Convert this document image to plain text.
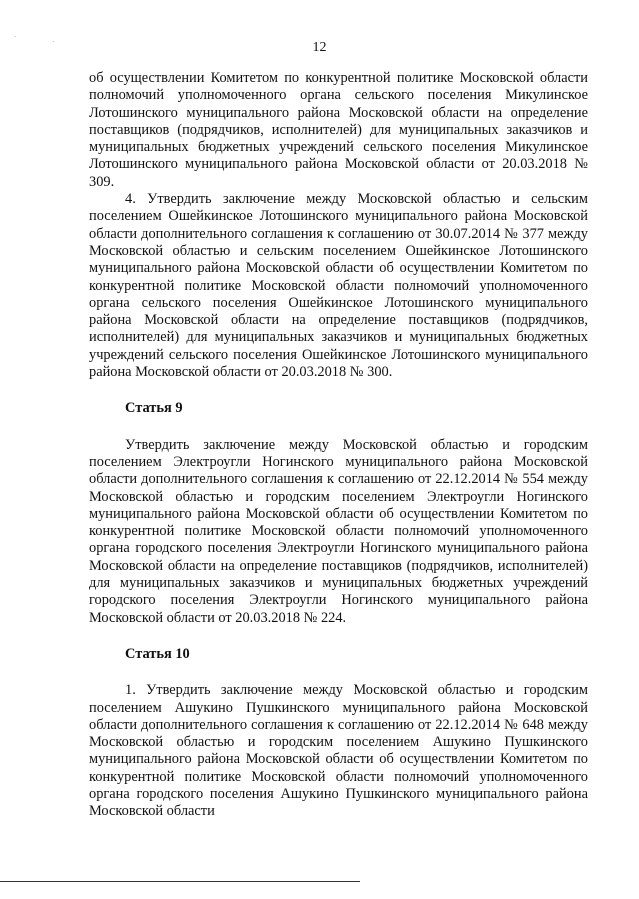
·
·	12

об осуществлении Комитетом по конкурентной политике Московской области полномочий уполномоченного органа сельского поселения Микулинское Лотошинского муниципального района Московской области на определение поставщиков (подрядчиков, исполнителей) для муниципальных заказчиков и муниципальных бюджетных учреждений сельского поселения Микулинское Лотошинского муниципального района Московской области от 20.03.2018 № 309.

4. Утвердить заключение между Московской областью и сельским поселением Ошейкинское Лотошинского муниципального района Московской области дополнительного соглашения к соглашению от 30.07.2014 № 377 между Московской областью и сельским поселением Ошейкинское Лотошинского муниципального района Московской области об осуществлении Комитетом по конкурентной политике Московской области полномочий уполномоченного органа сельского поселения Ошейкинское Лотошинского муниципального района Московской области на определение поставщиков (подрядчиков, исполнителей) для муниципальных заказчиков и муниципальных бюджетных учреждений сельского поселения Ошейкинское Лотошинского муниципального района Московской области от 20.03.2018 № 300.

Статья 9

Утвердить заключение между Московской областью и городским поселением Электроугли Ногинского муниципального района Московской области дополнительного соглашения к соглашению от 22.12.2014 № 554 между Московской областью и городским поселением Электроугли Ногинского муниципального района Московской области об осуществлении Комитетом по конкурентной политике Московской области полномочий уполномоченного органа городского поселения Электроугли Ногинского муниципального района Московской области на определение поставщиков (подрядчиков, исполнителей) для муниципальных заказчиков и муниципальных бюджетных учреждений городского поселения Электроугли Ногинского муниципального района Московской области от 20.03.2018 № 224.

Статья 10

1. Утвердить заключение между Московской областью и городским поселением Ашукино Пушкинского муниципального района Московской области дополнительного соглашения к соглашению от 22.12.2014 № 648 между Московской областью и городским поселением Ашукино Пушкинского муниципального района Московской области об осуществлении Комитетом по конкурентной политике Московской области полномочий уполномоченного органа городского поселения Ашукино Пушкинского муниципального района Московской области
